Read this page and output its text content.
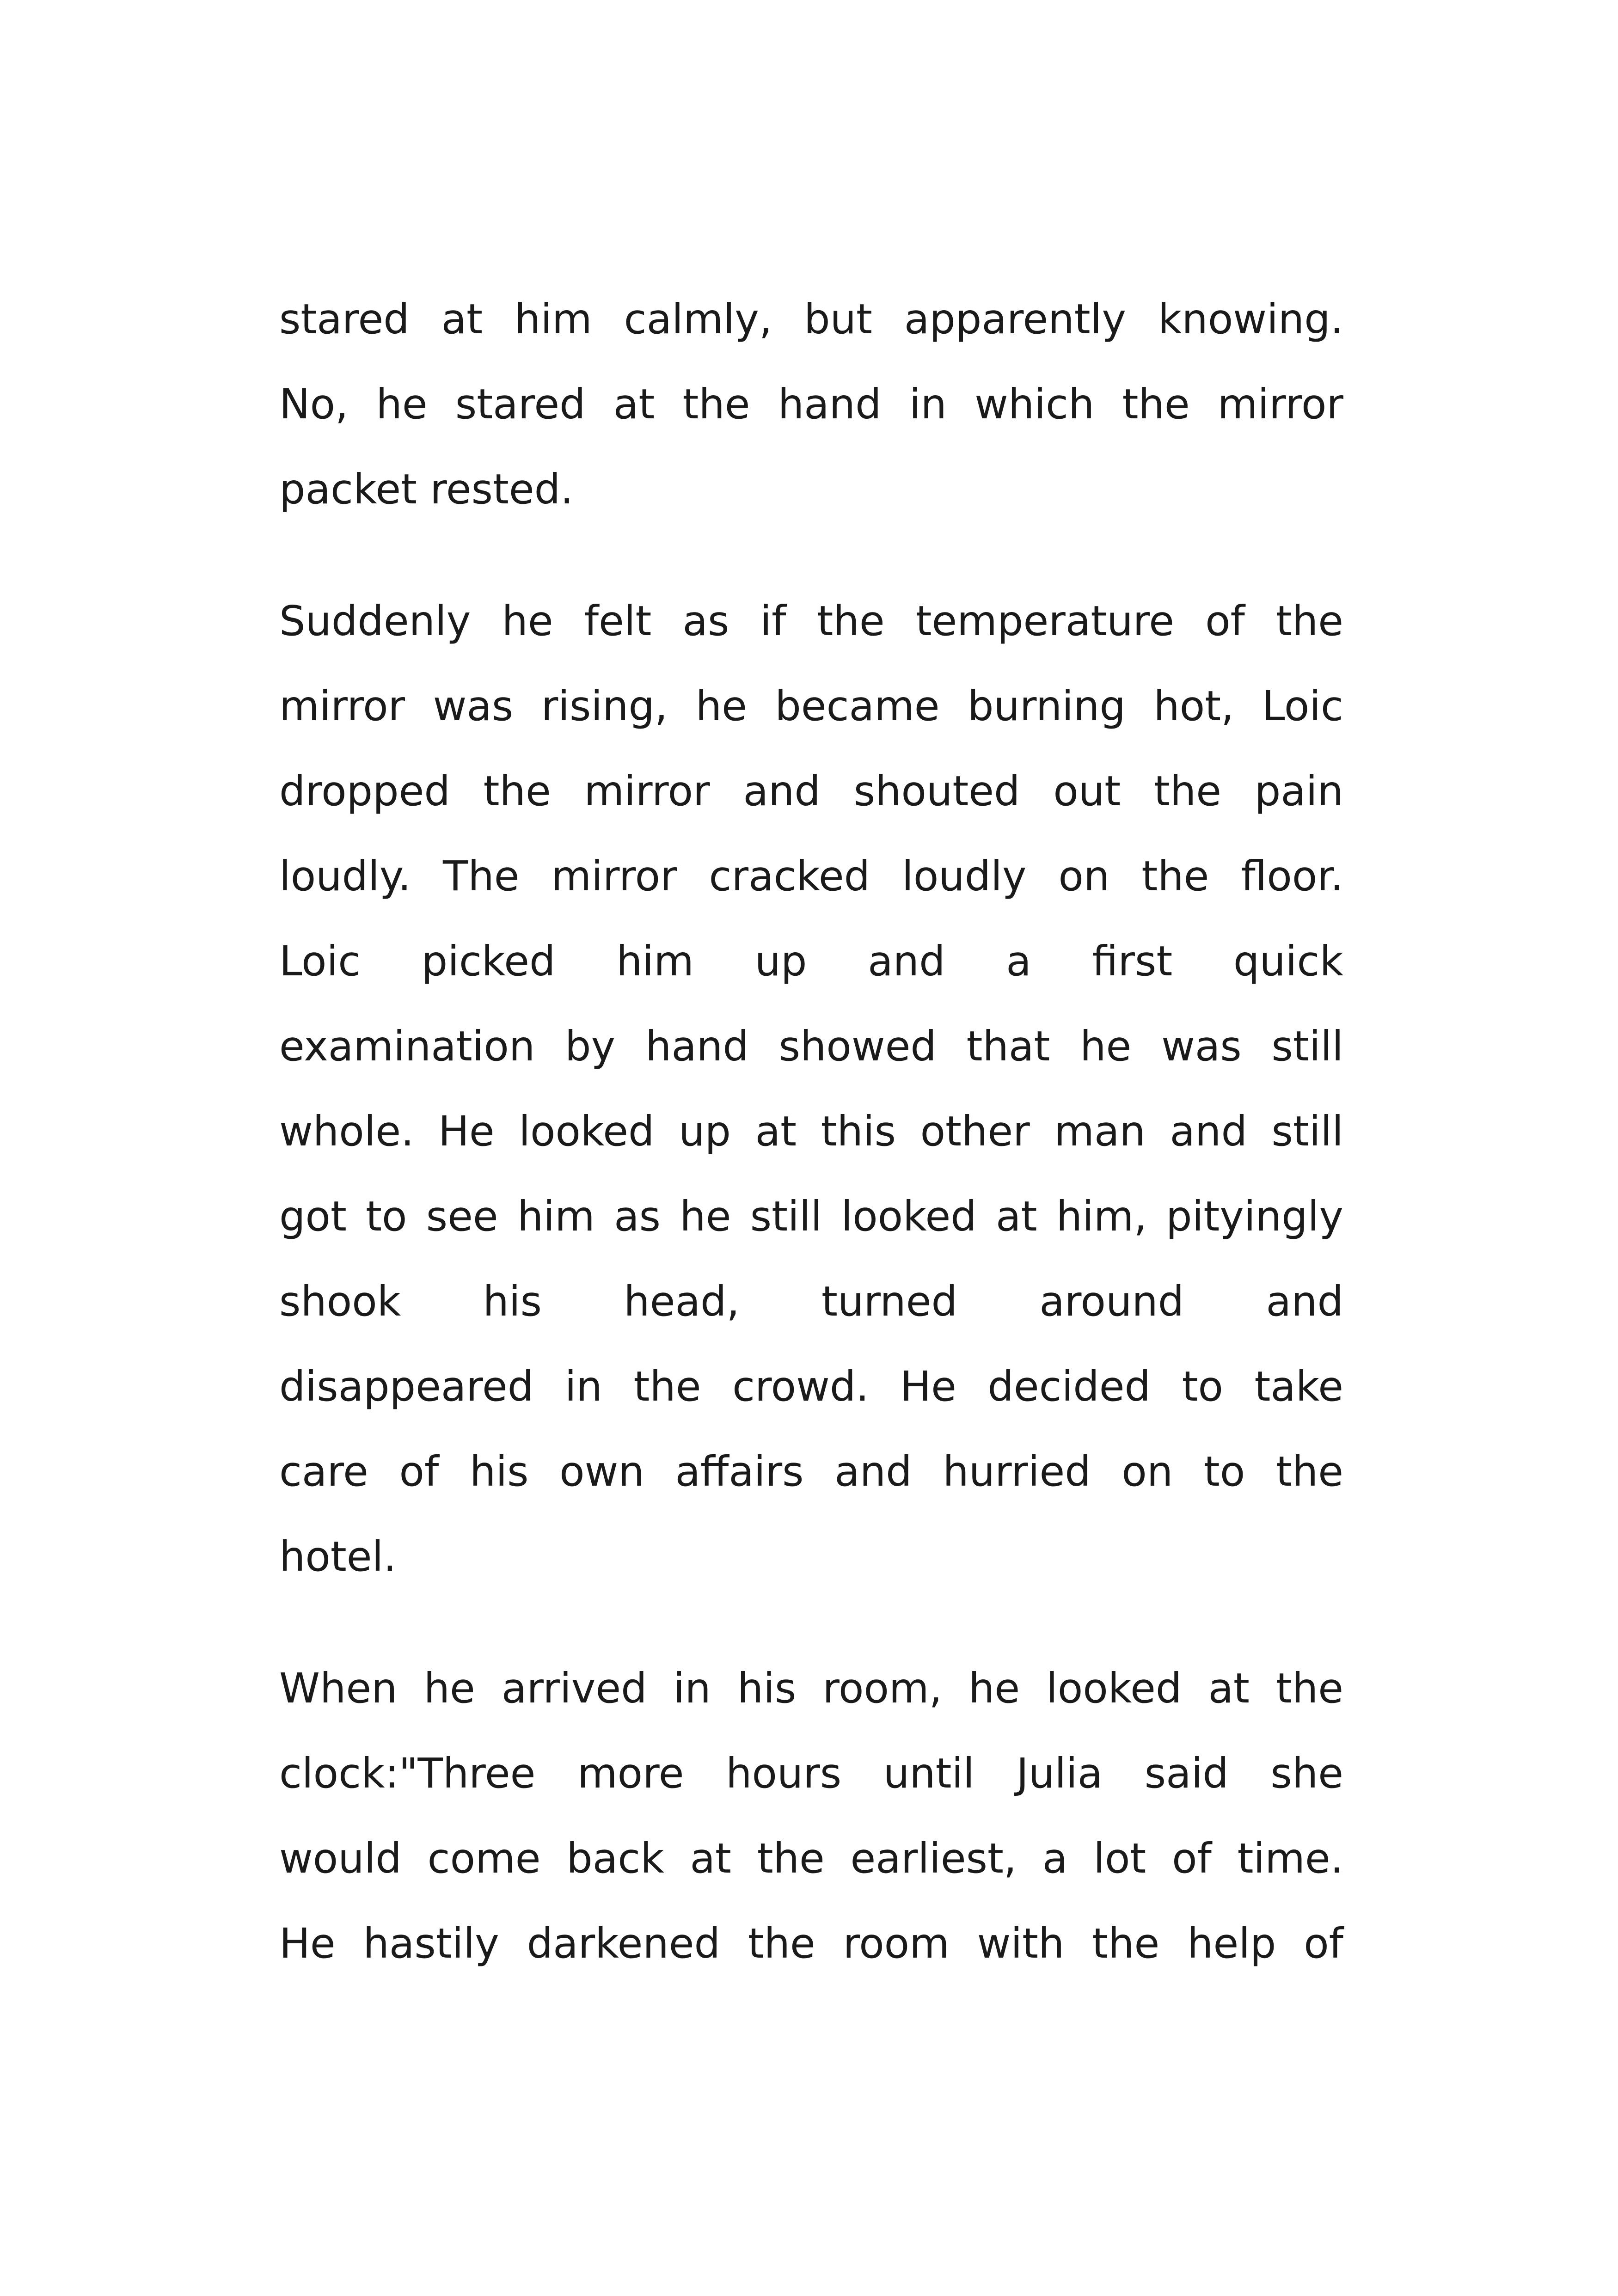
stared at him calmly, but apparently knowing.
No, he stared at the hand in which the mirror
packet rested.

Suddenly he felt as if the temperature of the
mirror was rising, he became burning hot, Loic
dropped the mirror and shouted out the pain
loudly. The mirror cracked loudly on the floor.
Loic picked him up and a first quick
examination by hand showed that he was still
whole. He looked up at this other man and still
got to see him as he still looked at him, pityingly
shook his head, turned around and
disappeared in the crowd. He decided to take
care of his own affairs and hurried on to the
hotel.

When he arrived in his room, he looked at the
clock:"Three more hours until Julia said she
would come back at the earliest, a lot of time.
He hastily darkened the room with the help of
